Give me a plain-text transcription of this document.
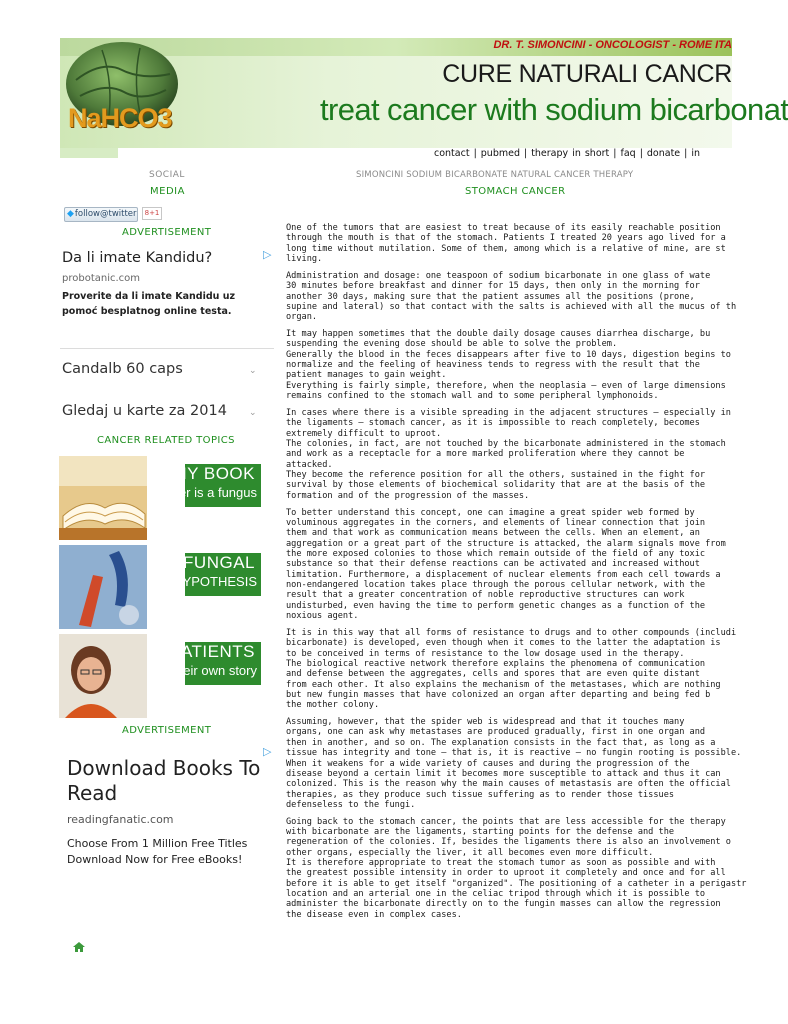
DR. T. SIMONCINI - ONCOLOGIST - ROME ITA
CURE NATURALI CANCR
treat cancer with sodium bicarbonat
NaHCO3
contact | pubmed | therapy in short | faq | donate | in
SOCIAL
MEDIA
◆follow@twitter	8+1
ADVERTISEMENT
Da li imate Kandidu?	▷
probotanic.com
Proverite da li imate Kandidu uz pomoć besplatnog online testa.
Candalb 60 caps	⌄
Gledaj u karte za 2014 ⌄
CANCER RELATED TOPICS
MY BOOK
cancer is a fungus
FUNGAL
HYPOTHESIS
PATIENTS
tell their own story
ADVERTISEMENT
▷
Download Books To Read
readingfanatic.com
Choose From 1 Million Free Titles Download Now for Free eBooks!
SIMONCINI SODIUM BICARBONATE NATURAL CANCER THERAPY
STOMACH CANCER

One of the tumors that are easiest to treat because of its easily reachable position
through the mouth is that of the stomach. Patients I treated 20 years ago lived for a
long time without mutilation. Some of them, among which is a relative of mine, are st
living.

Administration and dosage: one teaspoon of sodium bicarbonate in one glass of wate
30 minutes before breakfast and dinner for 15 days, then only in the morning for
another 30 days, making sure that the patient assumes all the positions (prone,
supine and lateral) so that contact with the salts is achieved with all the mucus of th
organ.

It may happen sometimes that the double daily dosage causes diarrhea discharge, bu
suspending the evening dose should be able to solve the problem.
Generally the blood in the feces disappears after five to 10 days, digestion begins to
normalize and the feeling of heaviness tends to regress with the result that the
patient manages to gain weight.
Everything is fairly simple, therefore, when the neoplasia – even of large dimensions
remains confined to the stomach wall and to some peripheral lymphonoids.

In cases where there is a visible spreading in the adjacent structures – especially in
the ligaments – stomach cancer, as it is impossible to reach completely, becomes
extremely difficult to uproot.
The colonies, in fact, are not touched by the bicarbonate administered in the stomach
and work as a receptacle for a more marked proliferation where they cannot be
attacked.
They become the reference position for all the others, sustained in the fight for
survival by those elements of biochemical solidarity that are at the basis of the
formation and of the progression of the masses.

To better understand this concept, one can imagine a great spider web formed by
voluminous aggregates in the corners, and elements of linear connection that join
them and that work as communication means between the cells. When an element, an
aggregation or a great part of the structure is attacked, the alarm signals move from
the more exposed colonies to those which remain outside of the field of any toxic
substance so that their defense reactions can be activated and increased without
limitation. Furthermore, a displacement of nuclear elements from each cell towards a
non-endangered location takes place through the porous cellular network, with the
result that a greater concentration of noble reproductive structures can work
undisturbed, even having the time to perform genetic changes as a function of the
noxious agent.

It is in this way that all forms of resistance to drugs and to other compounds (includi
bicarbonate) is developed, even though when it comes to the latter the adaptation is
to be conceived in terms of resistance to the low dosage used in the therapy.
The biological reactive network therefore explains the phenomena of communication
and defense between the aggregates, cells and spores that are even quite distant
from each other. It also explains the mechanism of the metastases, which are nothing
but new fungin masses that have colonized an organ after departing and being fed b
the mother colony.

Assuming, however, that the spider web is widespread and that it touches many
organs, one can ask why metastases are produced gradually, first in one organ and
then in another, and so on. The explanation consists in the fact that, as long as a
tissue has integrity and tone – that is, it is reactive – no fungin rooting is possible.
When it weakens for a wide variety of causes and during the progression of the
disease beyond a certain limit it becomes more susceptible to attack and thus it can
colonized. This is the reason why the main causes of metastasis are often the official
therapies, as they produce such tissue suffering as to render those tissues
defenseless to the fungi.

Going back to the stomach cancer, the points that are less accessible for the therapy
with bicarbonate are the ligaments, starting points for the defense and the
regeneration of the colonies. If, besides the ligaments there is also an involvement o
other organs, especially the liver, it all becomes even more difficult.
It is therefore appropriate to treat the stomach tumor as soon as possible and with
the greatest possible intensity in order to uproot it completely and once and for all
before it is able to get itself "organized". The positioning of a catheter in a perigastr
location and an arterial one in the celiac tripod through which it is possible to
administer the bicarbonate directly on to the fungin masses can allow the regression
the disease even in complex cases.
